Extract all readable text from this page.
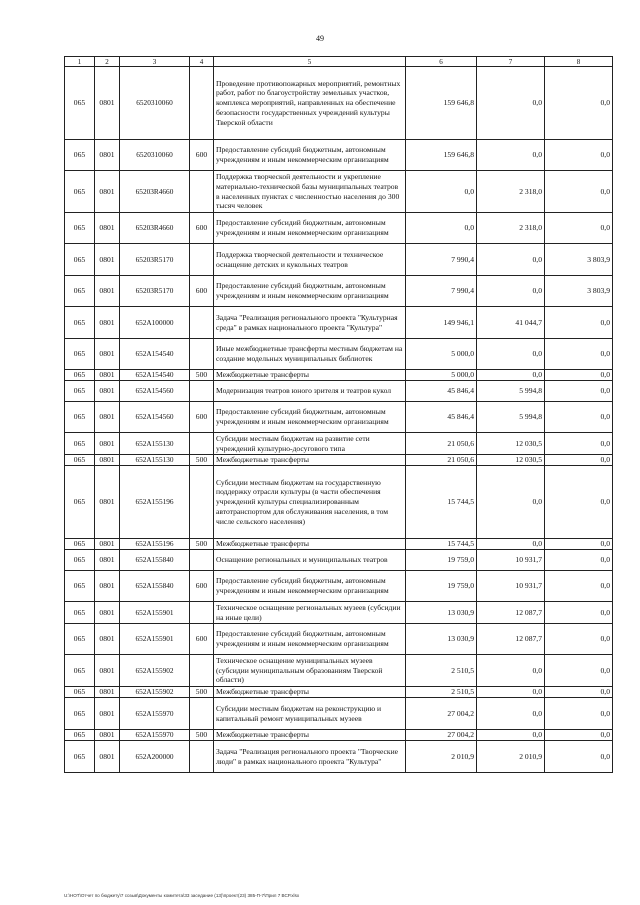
49
1	2	3	4	5	6	7	8
065	0801	6520310060		Проведение противопожарных мероприятий, ремонтных работ, работ по благоустройству земельных участков, комплекса мероприятий, направленных на обеспечение безопасности государственных учреждений культуры Тверской области	159 646,8	0,0	0,0
065	0801	6520310060	600	Предоставление субсидий бюджетным, автономным учреждениям и иным некоммерческим организациям	159 646,8	0,0	0,0
065	0801	65203R4660		Поддержка творческой деятельности и укрепление материально-технической базы муниципальных театров в населенных пунктах с численностью населения до 300 тысяч человек	0,0	2 318,0	0,0
065	0801	65203R4660	600	Предоставление субсидий бюджетным, автономным учреждениям и иным некоммерческим организациям	0,0	2 318,0	0,0
065	0801	65203R5170		Поддержка творческой деятельности и техническое оснащение детских и кукольных театров	7 990,4	0,0	3 803,9
065	0801	65203R5170	600	Предоставление субсидий бюджетным, автономным учреждениям и иным некоммерческим организациям	7 990,4	0,0	3 803,9
065	0801	652A100000		Задача "Реализация регионального проекта "Культурная среда" в рамках национального проекта "Культура"	149 946,1	41 044,7	0,0
065	0801	652A154540		Иные межбюджетные трансферты местным бюджетам на создание модельных муниципальных библиотек	5 000,0	0,0	0,0
065	0801	652A154540	500	Межбюджетные трансферты	5 000,0	0,0	0,0
065	0801	652A154560		Модернизация театров юного зрителя и театров кукол	45 846,4	5 994,8	0,0
065	0801	652A154560	600	Предоставление субсидий бюджетным, автономным учреждениям и иным некоммерческим организациям	45 846,4	5 994,8	0,0
065	0801	652A155130		Субсидии местным бюджетам на развитие сети учреждений культурно-досугового типа	21 050,6	12 030,5	0,0
065	0801	652A155130	500	Межбюджетные трансферты	21 050,6	12 030,5	0,0
065	0801	652A155196		Субсидии местным бюджетам на государственную поддержку отрасли культуры (в части обеспечения учреждений культуры специализированным автотранспортом для обслуживания населения, в том числе сельского населения)	15 744,5	0,0	0,0
065	0801	652A155196	500	Межбюджетные трансферты	15 744,5	0,0	0,0
065	0801	652A155840		Оснащение региональных и муниципальных театров	19 759,0	10 931,7	0,0
065	0801	652A155840	600	Предоставление субсидий бюджетным, автономным учреждениям и иным некоммерческим организациям	19 759,0	10 931,7	0,0
065	0801	652A155901		Техническое оснащение региональных музеев (субсидии на иные цели)	13 030,9	12 087,7	0,0
065	0801	652A155901	600	Предоставление субсидий бюджетным, автономным учреждениям и иным некоммерческим организациям	13 030,9	12 087,7	0,0
065	0801	652A155902		Техническое оснащение муниципальных музеев (субсидии муниципальным образованиям Тверской области)	2 510,5	0,0	0,0
065	0801	652A155902	500	Межбюджетные трансферты	2 510,5	0,0	0,0
065	0801	652A155970		Субсидии местным бюджетам на реконструкцию и капитальный ремонт муниципальных музеев	27 004,2	0,0	0,0
065	0801	652A155970	500	Межбюджетные трансферты	27 004,2	0,0	0,0
065	0801	652A200000		Задача "Реализация регионального проекта "Творческие люди" в рамках национального проекта "Культура"	2 010,9	2 010,9	0,0
U:\НОТ\Отчет по бюджету\7 созыв\Документы комитета\33 заседание (13)\проект(23) 385-П-7\Прил 7 ВСР.xlsx
